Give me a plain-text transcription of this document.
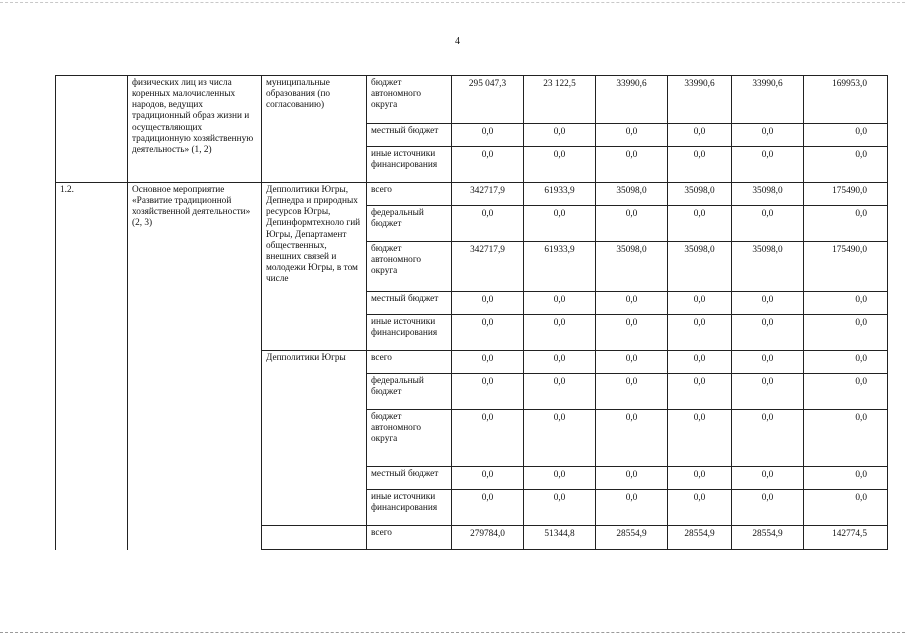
4
	физических лиц из числа коренных малочисленных народов, ведущих традиционный образ жизни и осуществляющих традиционную хозяйственную деятельность» (1, 2)	муниципальные образования (по согласованию)	бюджет автономного округа	295 047,3	23 122,5	33990,6	33990,6	33990,6	169953,0
			местный бюджет	0,0	0,0	0,0	0,0	0,0	0,0
			иные источники финансирования	0,0	0,0	0,0	0,0	0,0	0,0
1.2.	Основное мероприятие «Развитие традиционной хозяйственной деятельности» (2, 3)	Депполитики Югры, Депнедра и природных ресурсов Югры, Депинформтехноло гий Югры, Департамент общественных, внешних связей и молодежи Югры, в том числе	всего	342717,9	61933,9	35098,0	35098,0	35098,0	175490,0
			федеральный бюджет	0,0	0,0	0,0	0,0	0,0	0,0
			бюджет автономного округа	342717,9	61933,9	35098,0	35098,0	35098,0	175490,0
			местный бюджет	0,0	0,0	0,0	0,0	0,0	0,0
			иные источники финансирования	0,0	0,0	0,0	0,0	0,0	0,0
		Депполитики Югры	всего	0,0	0,0	0,0	0,0	0,0	0,0
			федеральный бюджет	0,0	0,0	0,0	0,0	0,0	0,0
			бюджет автономного округа	0,0	0,0	0,0	0,0	0,0	0,0
			местный бюджет	0,0	0,0	0,0	0,0	0,0	0,0
			иные источники финансирования	0,0	0,0	0,0	0,0	0,0	0,0
			всего	279784,0	51344,8	28554,9	28554,9	28554,9	142774,5
